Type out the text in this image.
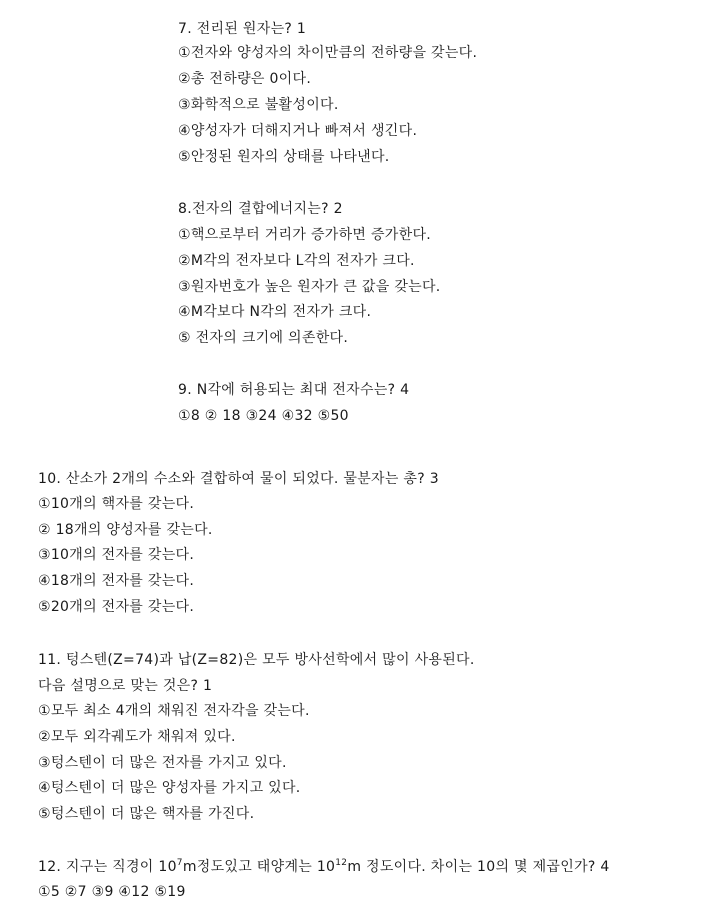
7. 전리된 원자는? 1
①전자와 양성자의 차이만큼의 전하량을 갖는다.
②총 전하량은 0이다.
③화학적으로 불활성이다.
④양성자가 더해지거나 빠져서 생긴다.
⑤안정된 원자의 상태를 나타낸다.
8.전자의 결합에너지는? 2
①핵으로부터 거리가 증가하면 증가한다.
②M각의 전자보다 L각의 전자가 크다.
③원자번호가 높은 원자가 큰 값을 갖는다.
④M각보다 N각의 전자가 크다.
⑤ 전자의 크기에 의존한다.
9. N각에 허용되는 최대 전자수는? 4
①8 ② 18 ③24 ④32 ⑤50
10. 산소가 2개의 수소와 결합하여 물이 되었다. 물분자는 총? 3
①10개의 핵자를 갖는다.
② 18개의 양성자를 갖는다.
③10개의 전자를 갖는다.
④18개의 전자를 갖는다.
⑤20개의 전자를 갖는다.
11. 텅스텐(Z=74)과 납(Z=82)은 모두 방사선학에서 많이 사용된다.
다음 설명으로 맞는 것은? 1
①모두 최소 4개의 채워진 전자각을 갖는다.
②모두 외각궤도가 채워져 있다.
③텅스텐이 더 많은 전자를 가지고 있다.
④텅스텐이 더 많은 양성자를 가지고 있다.
⑤텅스텐이 더 많은 핵자를 가진다.
12. 지구는 직경이 $10^7m$정도있고 태양계는 $10^{12}m$ 정도이다. 차이는 10의 몇 제곱인가? 4
①5 ②7 ③9 ④12 ⑤19
